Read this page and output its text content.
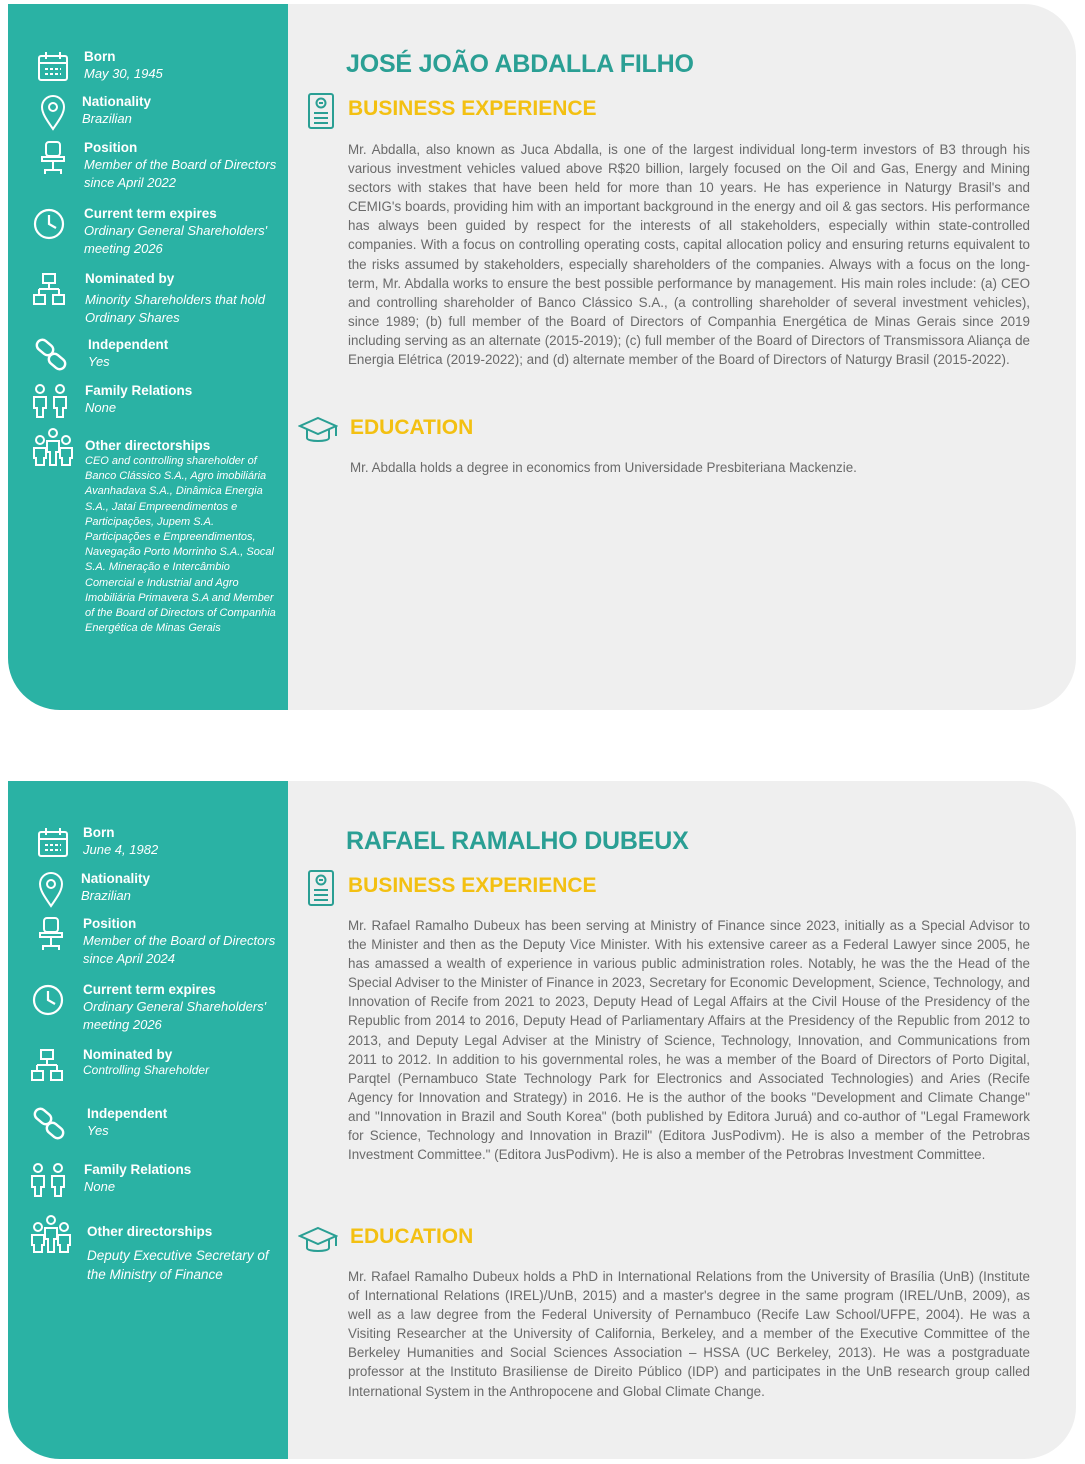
Born
May 30, 1945
Nationality
Brazilian
Position
Member of the Board of Directors since April 2022
Current term expires
Ordinary General Shareholders' meeting 2026
Nominated by
Minority Shareholders that hold Ordinary Shares
Independent
Yes
Family Relations
None
Other directorships
CEO and controlling shareholder of Banco Clássico S.A., Agro imobiliária Avanhadava S.A., Dinâmica Energia S.A., Jataí Empreendimentos e Participações, Jupem S.A. Participações e Empreendimentos, Navegação Porto Morrinho S.A., Socal S.A. Mineração e Intercâmbio Comercial e Industrial and Agro Imobiliária Primavera S.A and Member of the Board of Directors of Companhia Energética de Minas Gerais
JOSÉ JOÃO ABDALLA FILHO
BUSINESS EXPERIENCE

Mr. Abdalla, also known as Juca Abdalla, is one of the largest individual long-term investors of B3 through his various investment vehicles valued above R$20 billion, largely focused on the Oil and Gas, Energy and Mining sectors with stakes that have been held for more than 10 years. He has experience in Naturgy Brasil's and CEMIG's boards, providing him with an important background in the energy and oil & gas sectors. His performance has always been guided by respect for the interests of all stakeholders, especially within state-controlled companies. With a focus on controlling operating costs, capital allocation policy and ensuring returns equivalent to the risks assumed by stakeholders, especially shareholders of the companies. Always with a focus on the long-term, Mr. Abdalla works to ensure the best possible performance by management. His main roles include: (a) CEO and controlling shareholder of Banco Clássico S.A., (a controlling shareholder of several investment vehicles), since 1989; (b) full member of the Board of Directors of Companhia Energética de Minas Gerais since 2019 including serving as an alternate (2015-2019); (c) full member of the Board of Directors of Transmissora Aliança de Energia Elétrica (2019-2022); and (d) alternate member of the Board of Directors of Naturgy Brasil (2015-2022).

EDUCATION

Mr. Abdalla holds a degree in economics from Universidade Presbiteriana Mackenzie.

Born
June 4, 1982
Nationality
Brazilian
Position
Member of the Board of Directors since April 2024
Current term expires
Ordinary General Shareholders' meeting 2026
Nominated by
Controlling Shareholder
Independent
Yes
Family Relations
None
Other directorships
Deputy Executive Secretary of the Ministry of Finance
RAFAEL RAMALHO DUBEUX
BUSINESS EXPERIENCE

Mr. Rafael Ramalho Dubeux has been serving at Ministry of Finance since 2023, initially as a Special Advisor to the Minister and then as the Deputy Vice Minister. With his extensive career as a Federal Lawyer since 2005, he has amassed a wealth of experience in various public administration roles. Notably, he was the the Head of the Special Adviser to the Minister of Finance in 2023, Secretary for Economic Development, Science, Technology, and Innovation of Recife from 2021 to 2023, Deputy Head of Legal Affairs at the Civil House of the Presidency of the Republic from 2014 to 2016, Deputy Head of Parliamentary Affairs at the Presidency of the Republic from 2012 to 2013, and Deputy Legal Adviser at the Ministry of Science, Technology, Innovation, and Communications from 2011 to 2012. In addition to his governmental roles, he was a member of the Board of Directors of Porto Digital, Parqtel (Pernambuco State Technology Park for Electronics and Associated Technologies) and Aries (Recife Agency for Innovation and Strategy) in 2016. He is the author of the books "Development and Climate Change" and "Innovation in Brazil and South Korea" (both published by Editora Juruá) and co-author of "Legal Framework for Science, Technology and Innovation in Brazil" (Editora JusPodivm). He is also a member of the Petrobras Investment Committee." (Editora JusPodivm). He is also a member of the Petrobras Investment Committee.

EDUCATION

Mr. Rafael Ramalho Dubeux holds a PhD in International Relations from the University of Brasília (UnB) (Institute of International Relations (IREL)/UnB, 2015) and a master's degree in the same program (IREL/UnB, 2009), as well as a law degree from the Federal University of Pernambuco (Recife Law School/UFPE, 2004). He was a Visiting Researcher at the University of California, Berkeley, and a member of the Executive Committee of the Berkeley Humanities and Social Sciences Association – HSSA (UC Berkeley, 2013). He was a postgraduate professor at the Instituto Brasiliense de Direito Público (IDP) and participates in the UnB research group called International System in the Anthropocene and Global Climate Change.
